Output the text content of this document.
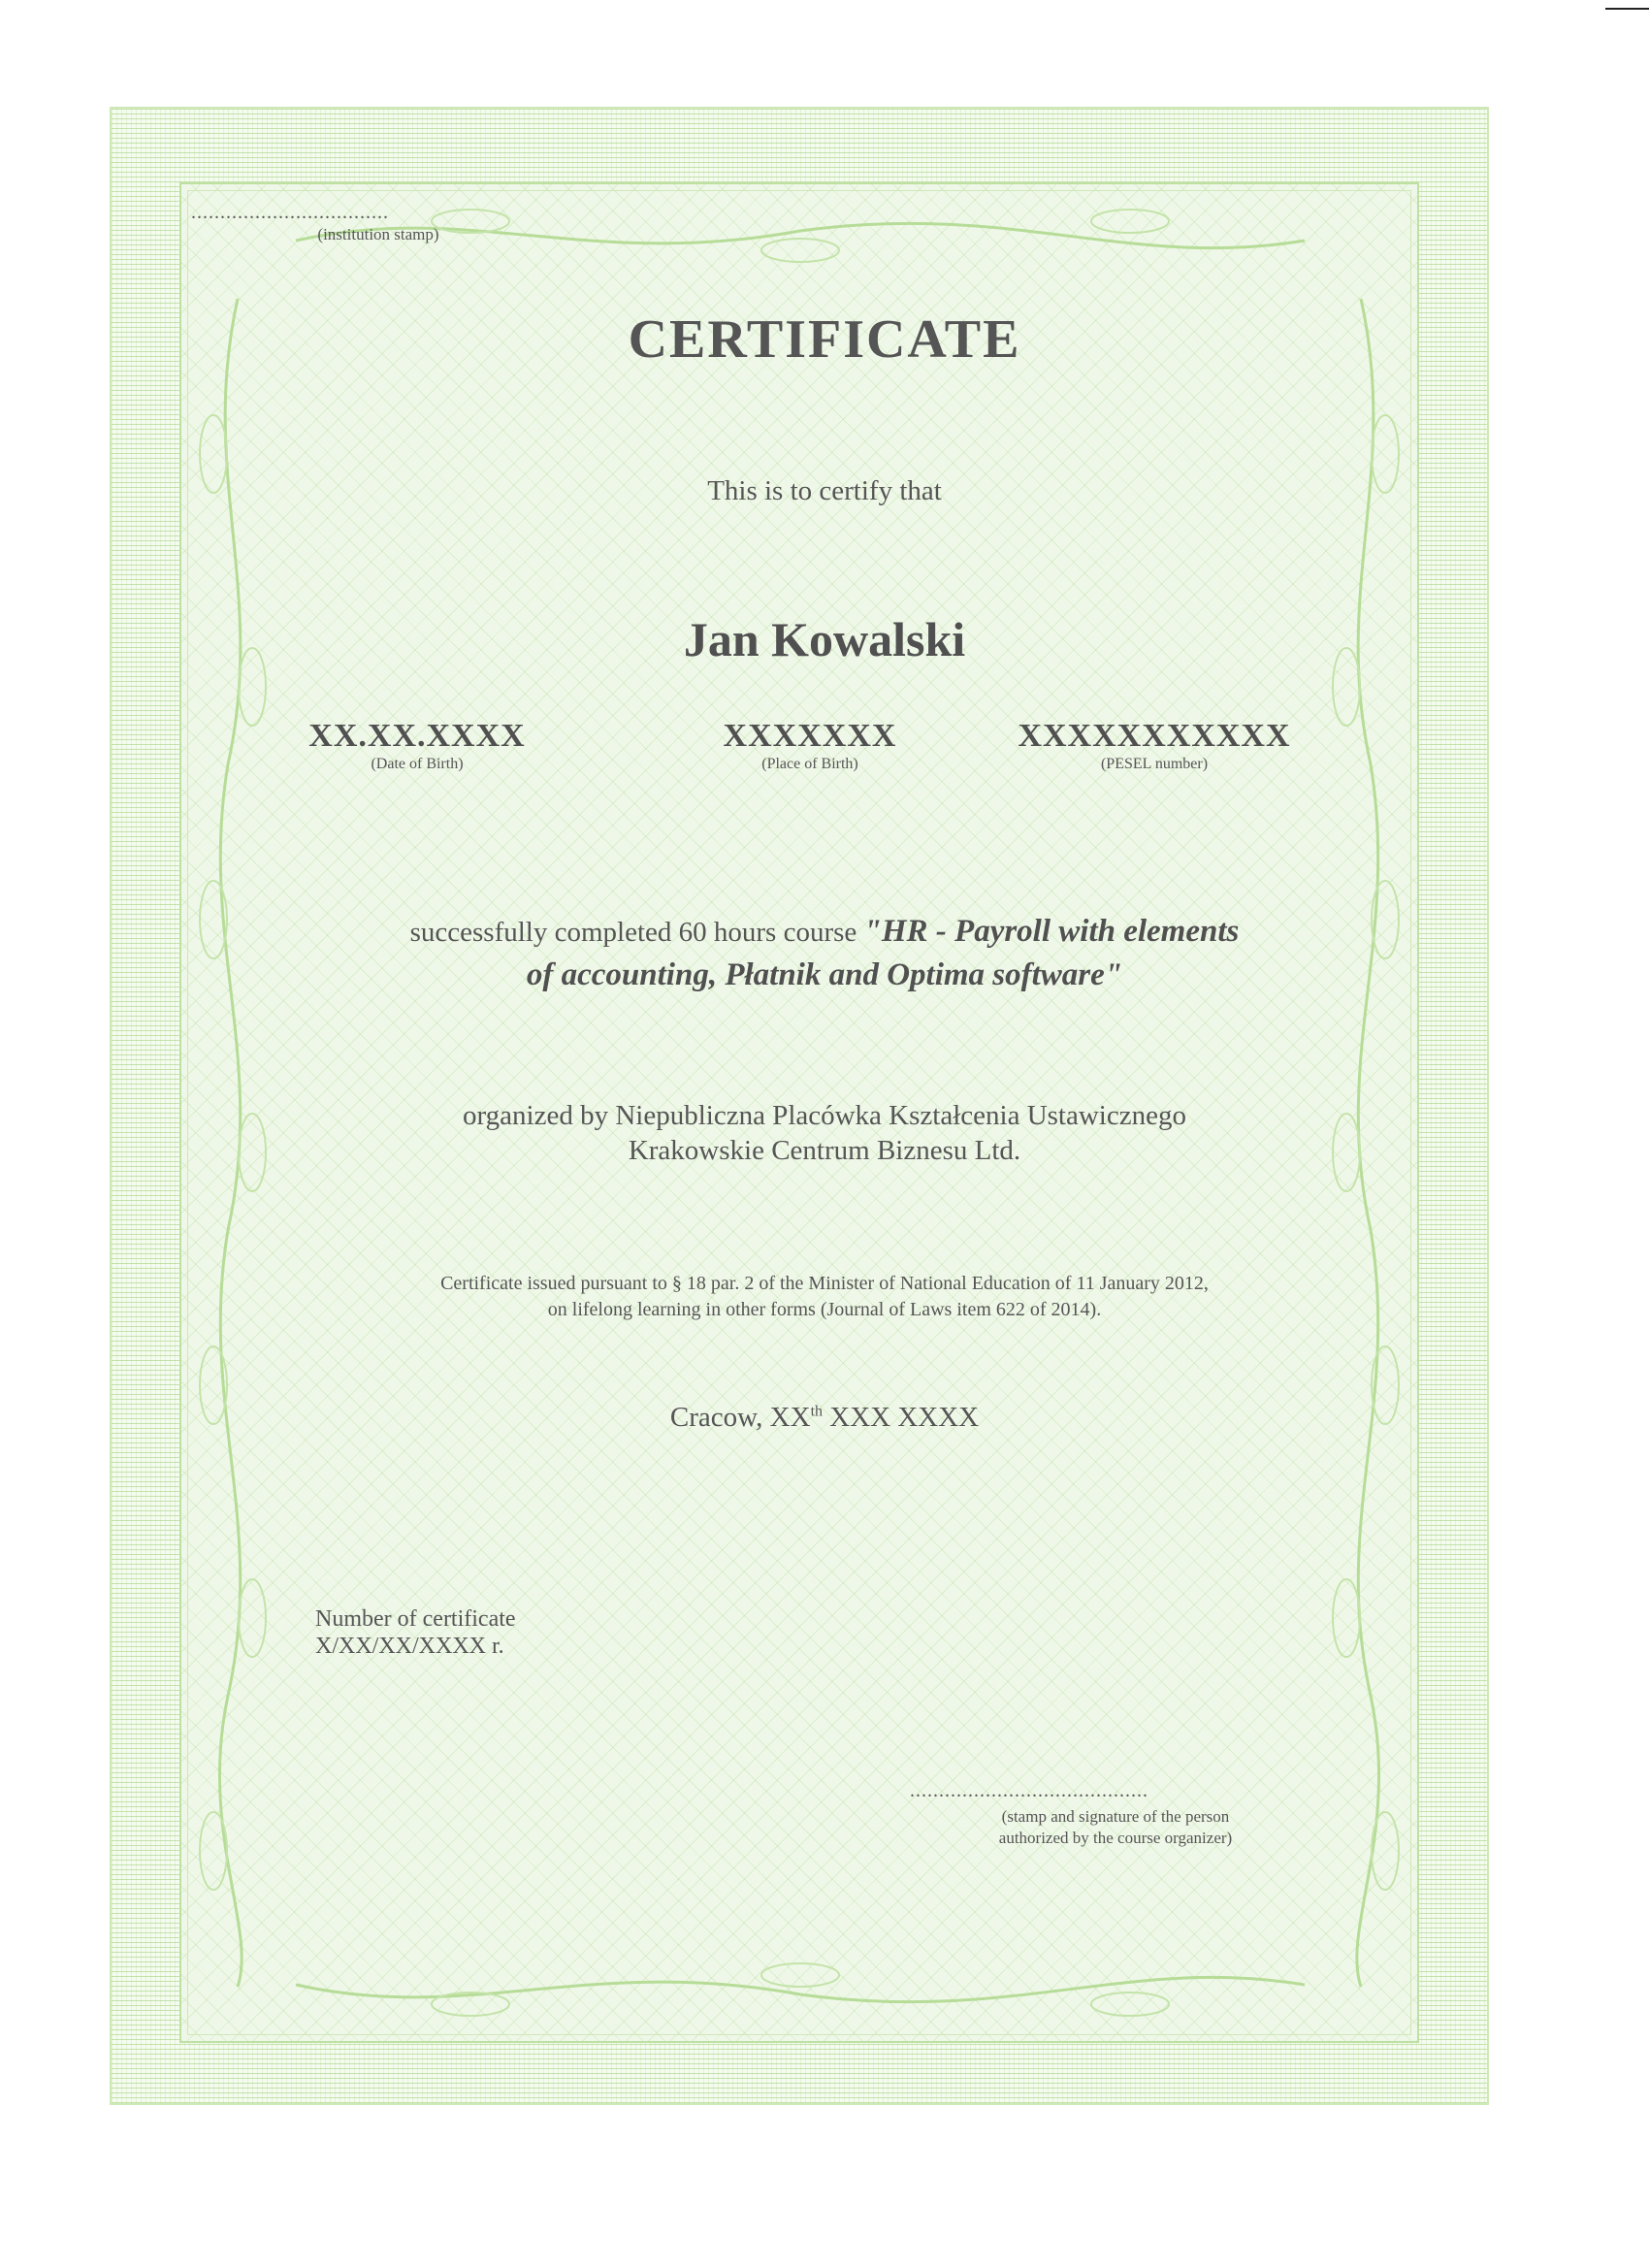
..................................
(institution stamp)
CERTIFICATE
This is to certify that
Jan Kowalski
XX.XX.XXXX
(Date of Birth)
XXXXXXX
(Place of Birth)
XXXXXXXXXXX
(PESEL number)
successfully completed 60 hours course "HR - Payroll with elements
of accounting, Płatnik and Optima software"
organized by Niepubliczna Placówka Kształcenia Ustawicznego
Krakowskie Centrum Biznesu Ltd.
Certificate issued pursuant to § 18 par. 2 of the Minister of National Education of 11 January 2012,
on lifelong learning in other forms (Journal of Laws item 622 of 2014).
Cracow, XXth XXX XXXX
Number of certificate
X/XX/XX/XXXX r.
.........................................
(stamp and signature of the person
authorized by the course organizer)
